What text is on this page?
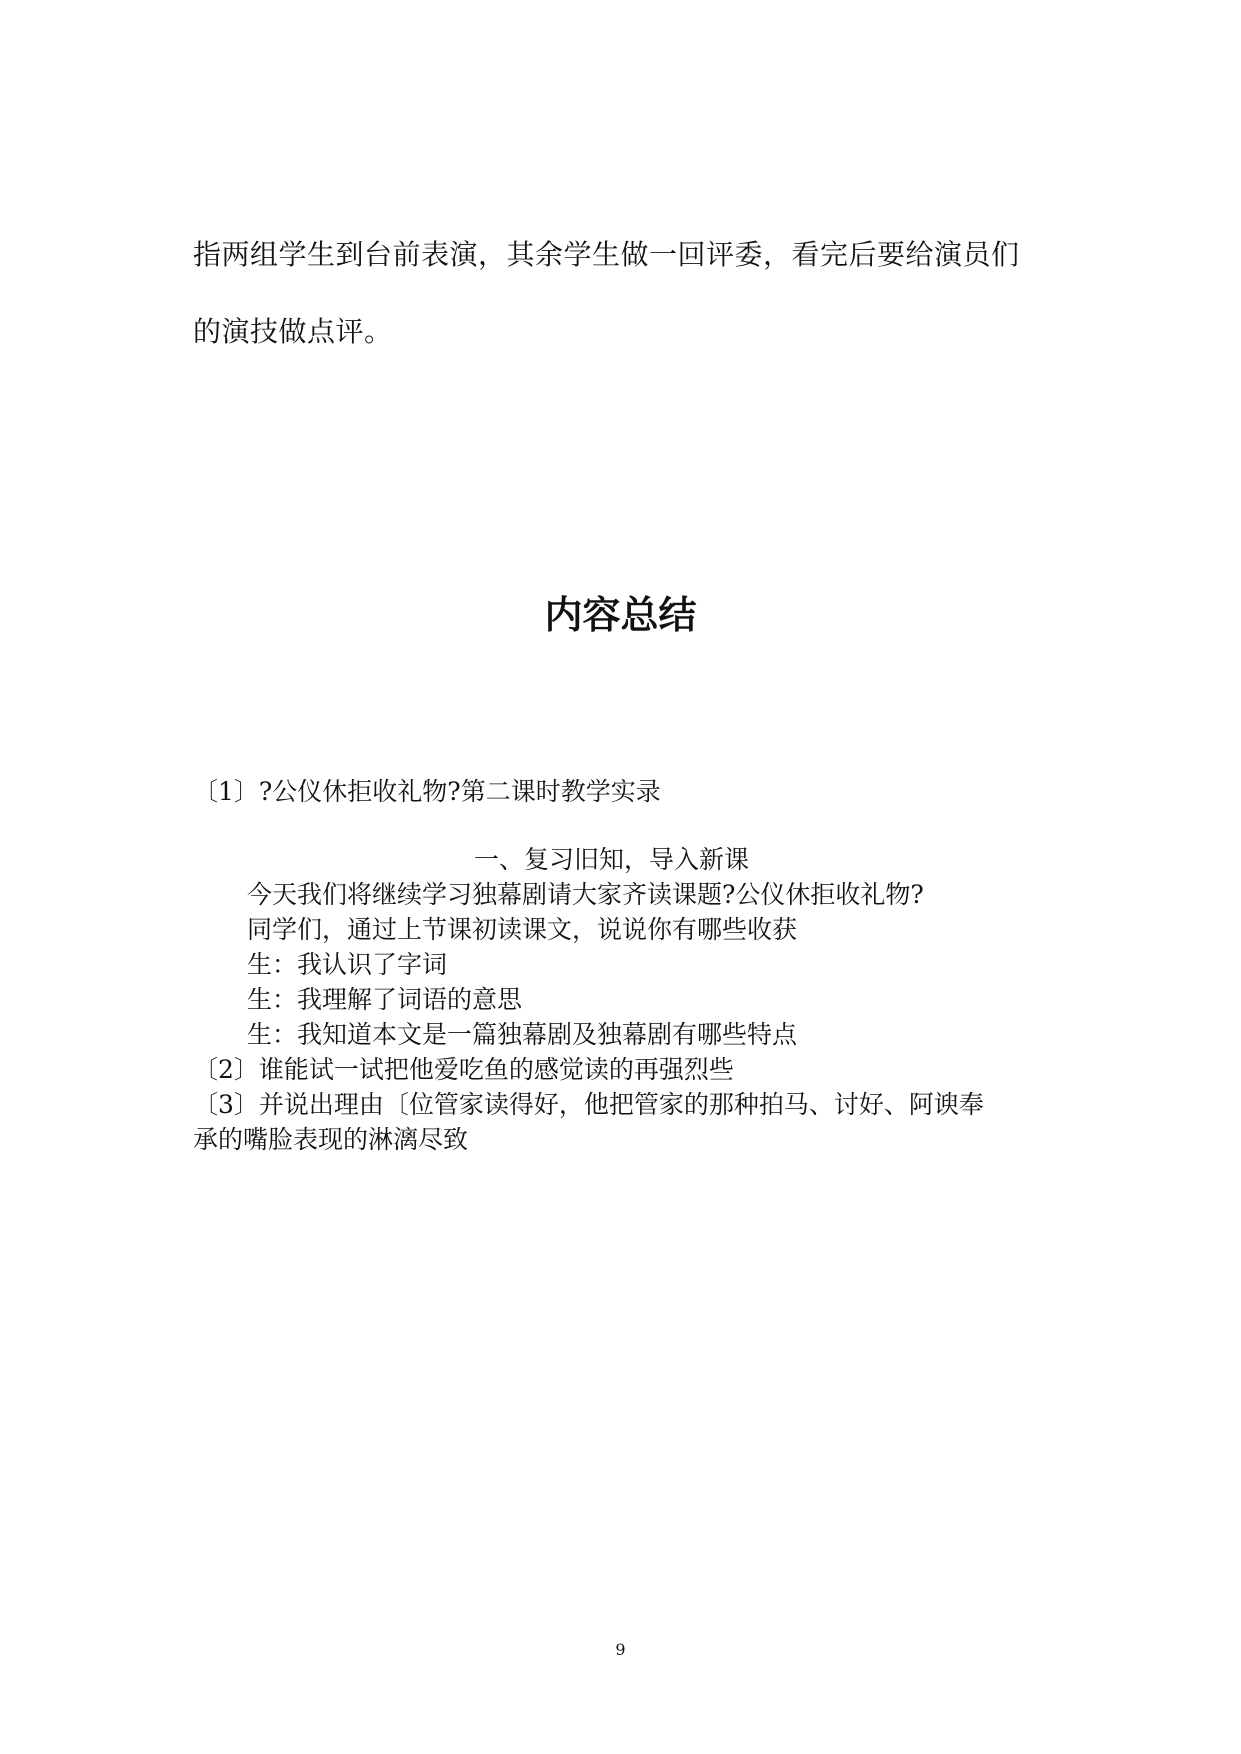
指两组学生到台前表演，其余学生做一回评委，看完后要给演员们

的演技做点评。

内容总结

〔1〕?公仪休拒收礼物?第二课时教学实录

一、复习旧知，导入新课

今天我们将继续学习独幕剧请大家齐读课题?公仪休拒收礼物?

同学们，通过上节课初读课文，说说你有哪些收获

生：我认识了字词

生：我理解了词语的意思

生：我知道本文是一篇独幕剧及独幕剧有哪些特点

〔2〕谁能试一试把他爱吃鱼的感觉读的再强烈些

〔3〕并说出理由〔位管家读得好，他把管家的那种拍马、讨好、阿谀奉

承的嘴脸表现的淋漓尽致

9
